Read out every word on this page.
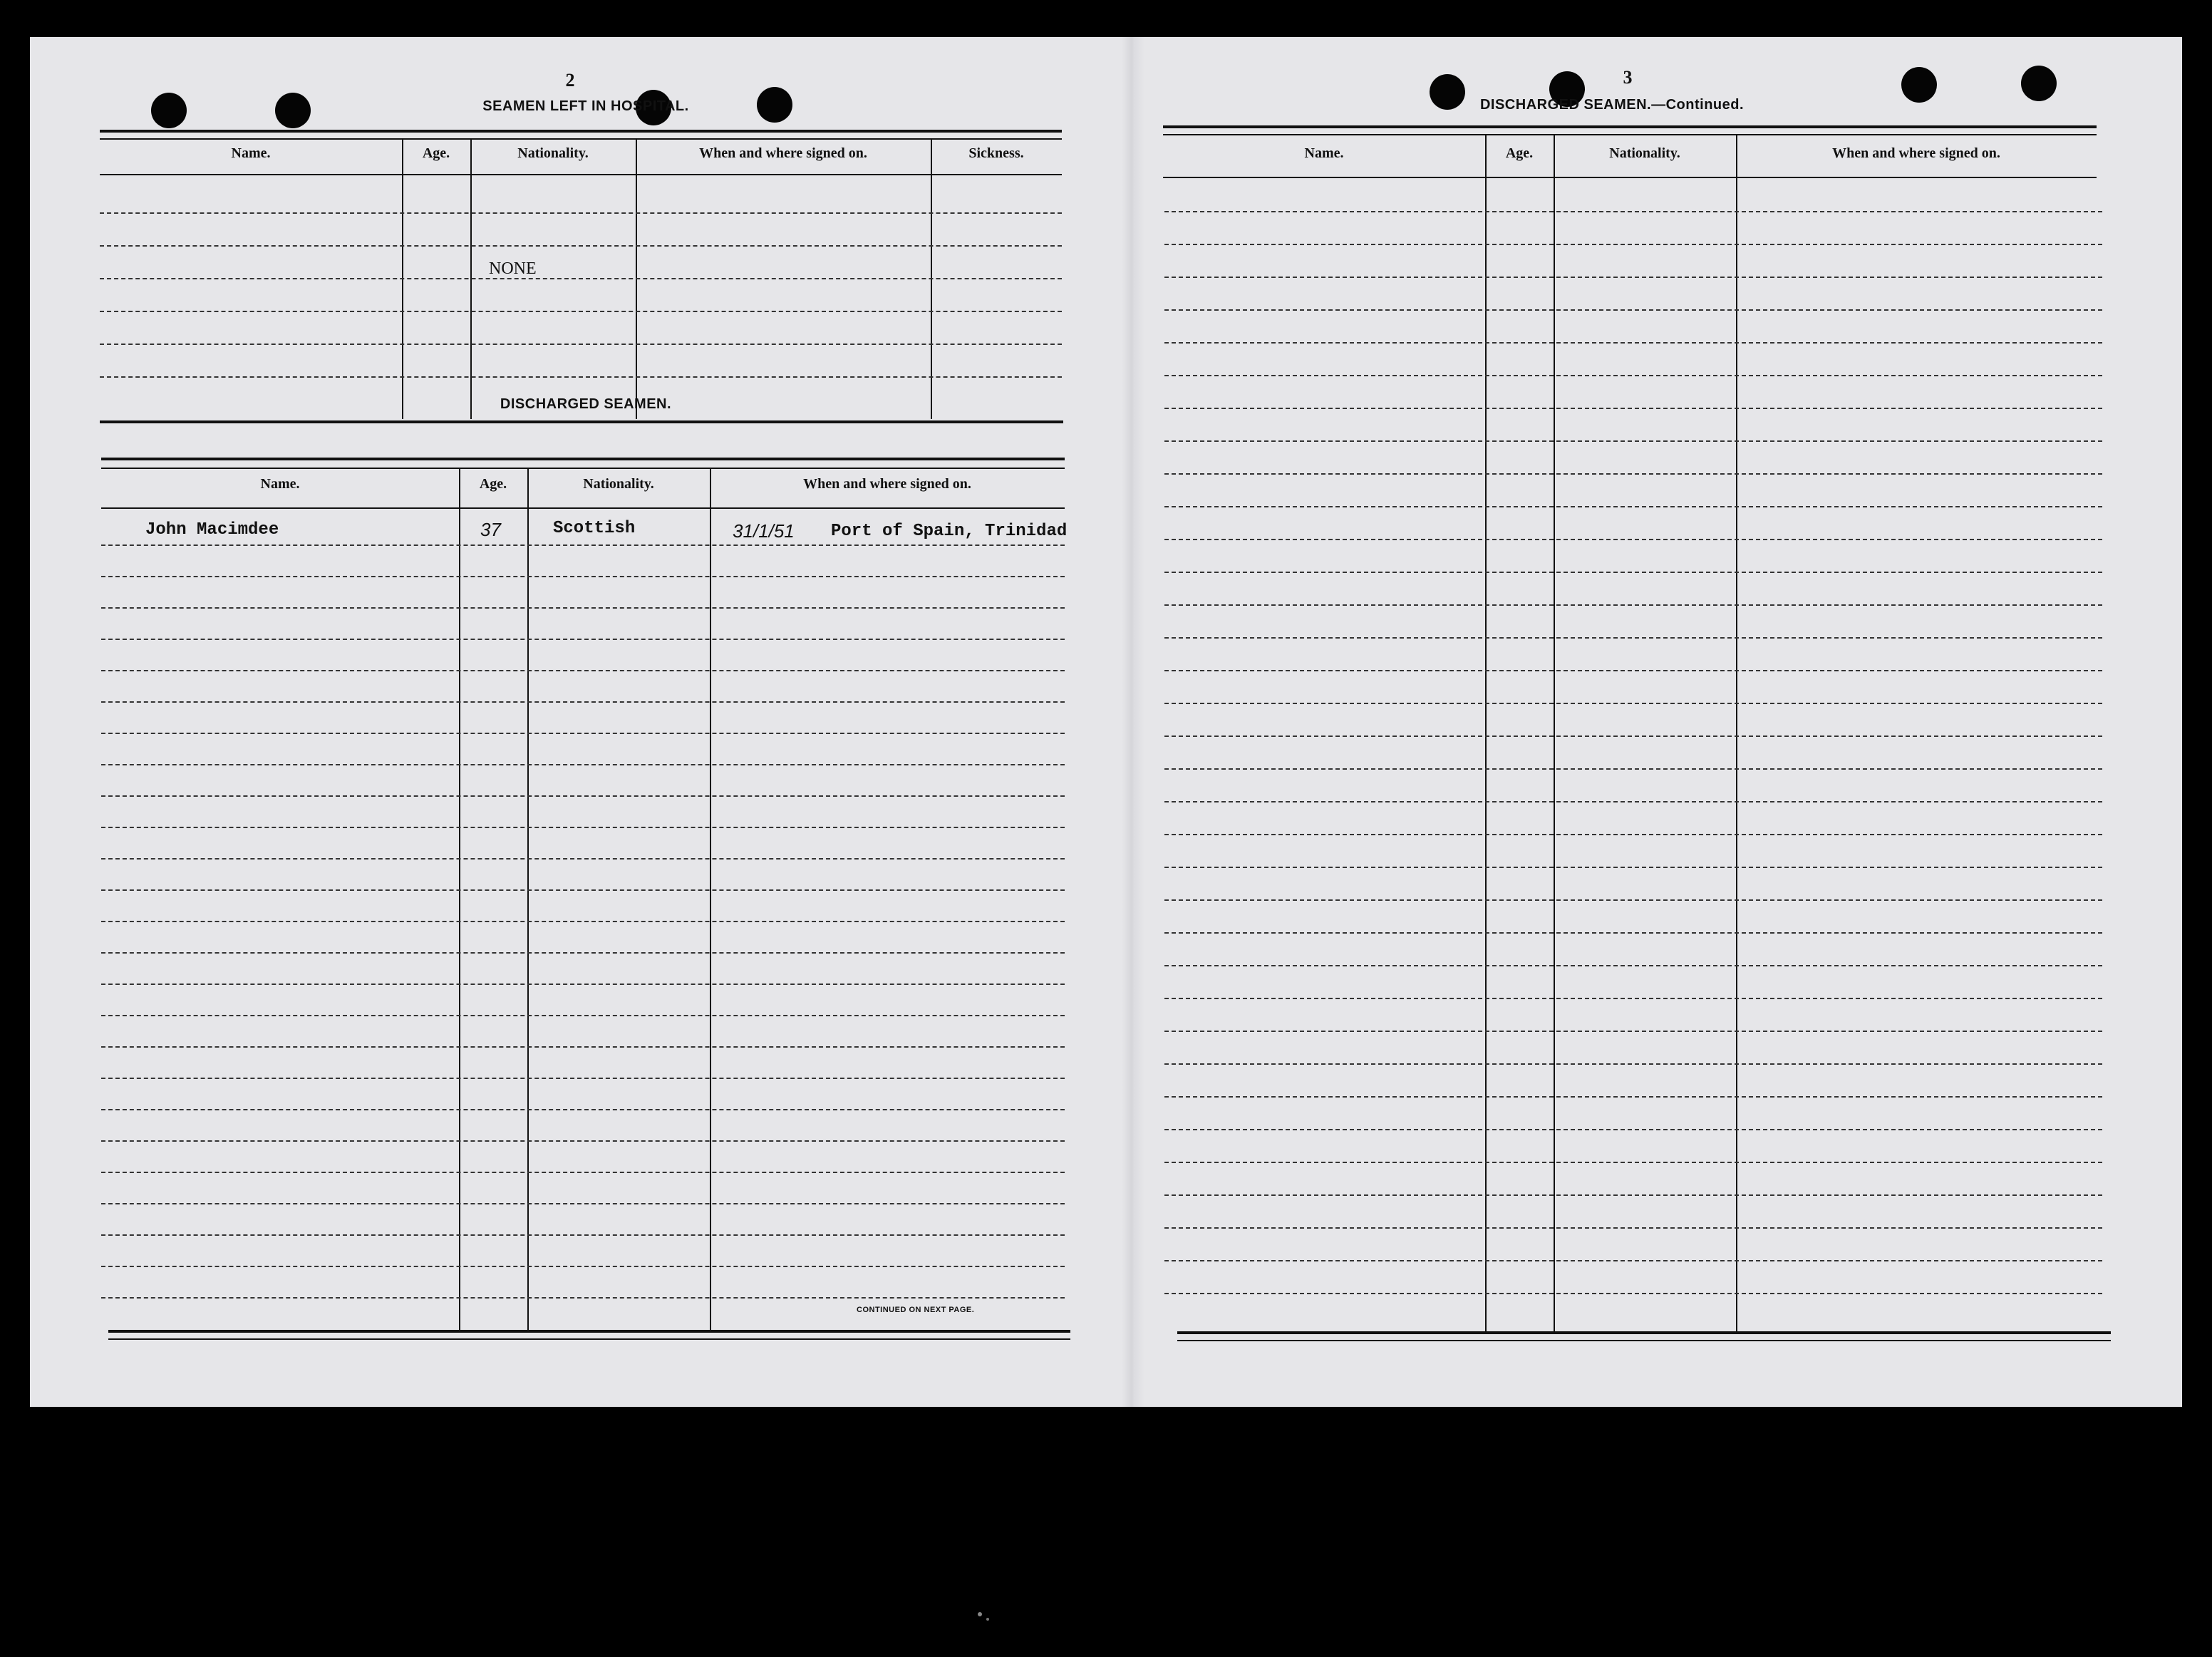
2
SEAMEN LEFT IN HOSPITAL.
Name.	Age.	Nationality.	When and where signed on.	Sickness.
NONE
DISCHARGED SEAMEN.
Name.	Age.	Nationality.	When and where signed on.
John Macimdee	37	Scottish	31/1/51 Port of Spain, Trinidad
CONTINUED ON NEXT PAGE.
3
DISCHARGED SEAMEN.—Continued.
Name.	Age.	Nationality.	When and where signed on.
